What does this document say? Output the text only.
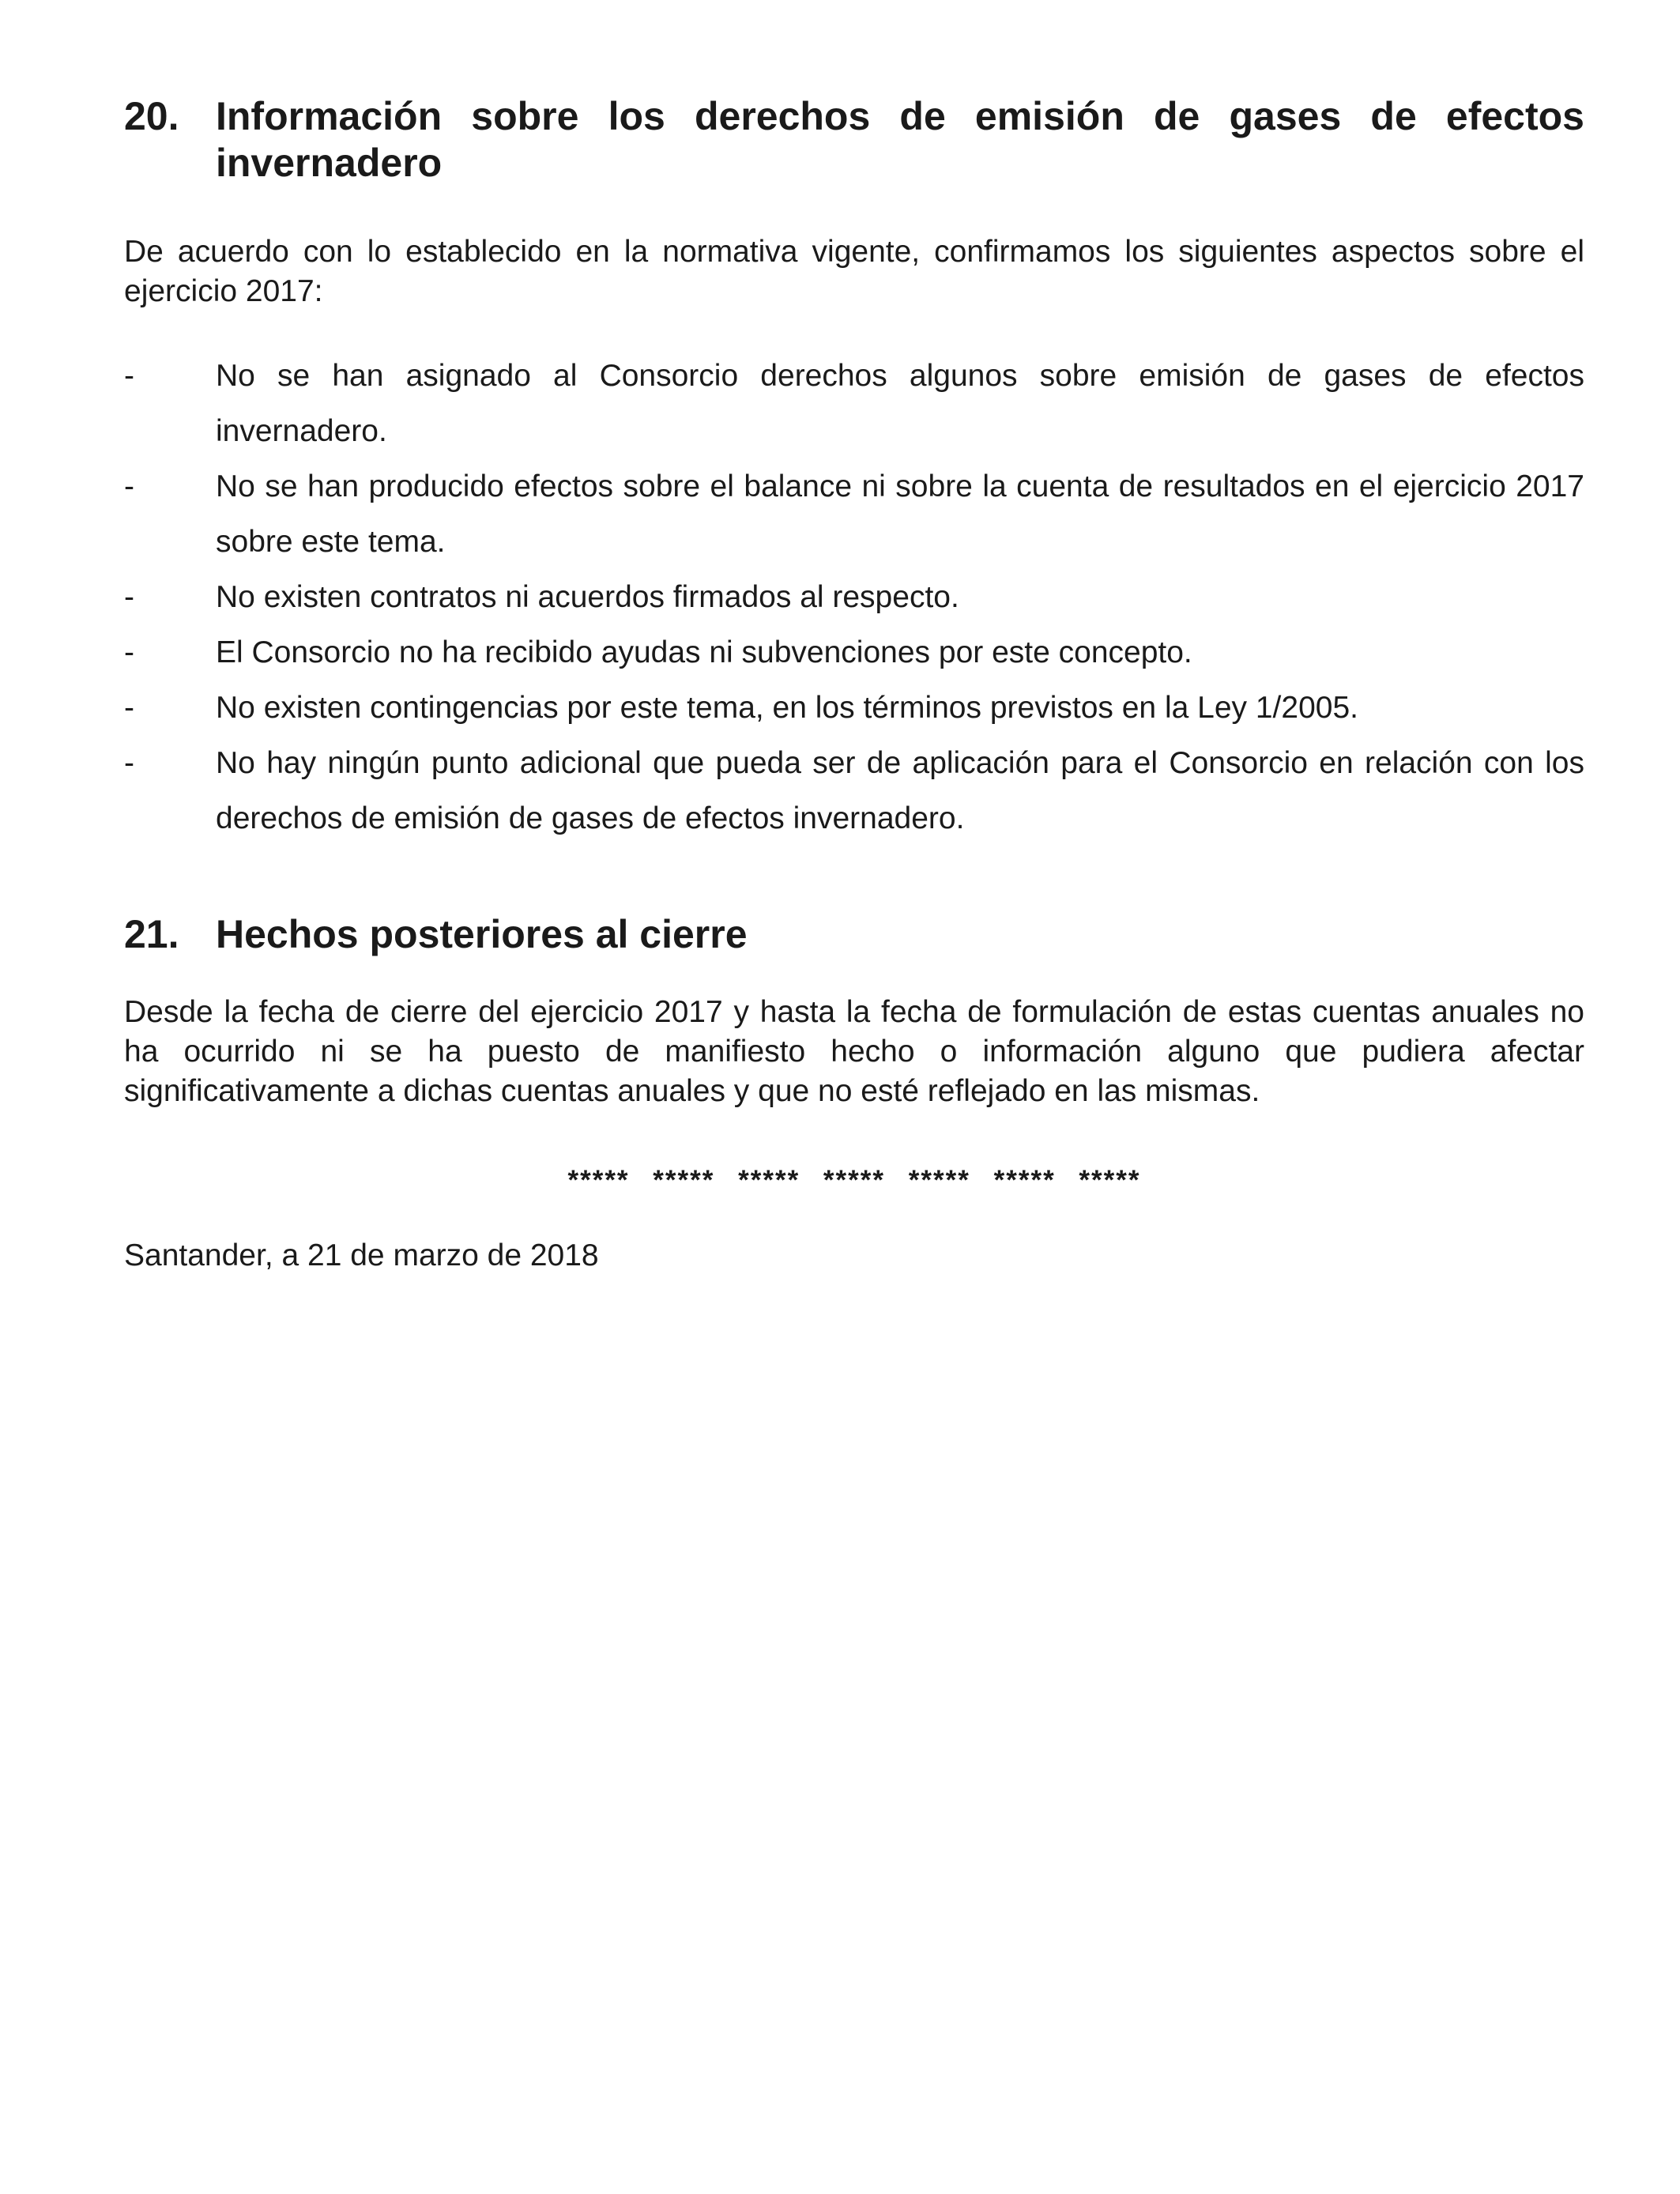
20. Información sobre los derechos de emisión de gases de efectos invernadero

De acuerdo con lo establecido en la normativa vigente, confirmamos los siguientes aspectos sobre el ejercicio 2017:

-	No se han asignado al Consorcio derechos algunos sobre emisión de gases de efectos invernadero.
-	No se han producido efectos sobre el balance ni sobre la cuenta de resultados en el ejercicio 2017 sobre este tema.
-	No existen contratos ni acuerdos firmados al respecto.
-	El Consorcio no ha recibido ayudas ni subvenciones por este concepto.
-	No existen contingencias por este tema, en los términos previstos en la Ley 1/2005.
-	No hay ningún punto adicional que pueda ser de aplicación para el Consorcio en relación con los derechos de emisión de gases de efectos invernadero.
21. Hechos posteriores al cierre

Desde la fecha de cierre del ejercicio 2017 y hasta la fecha de formulación de estas cuentas anuales no ha ocurrido ni se ha puesto de manifiesto hecho o información alguno que pudiera afectar significativamente a dichas cuentas anuales y que no esté reflejado en las mismas.

***** ***** ***** ***** ***** ***** *****

Santander, a 21 de marzo de 2018
